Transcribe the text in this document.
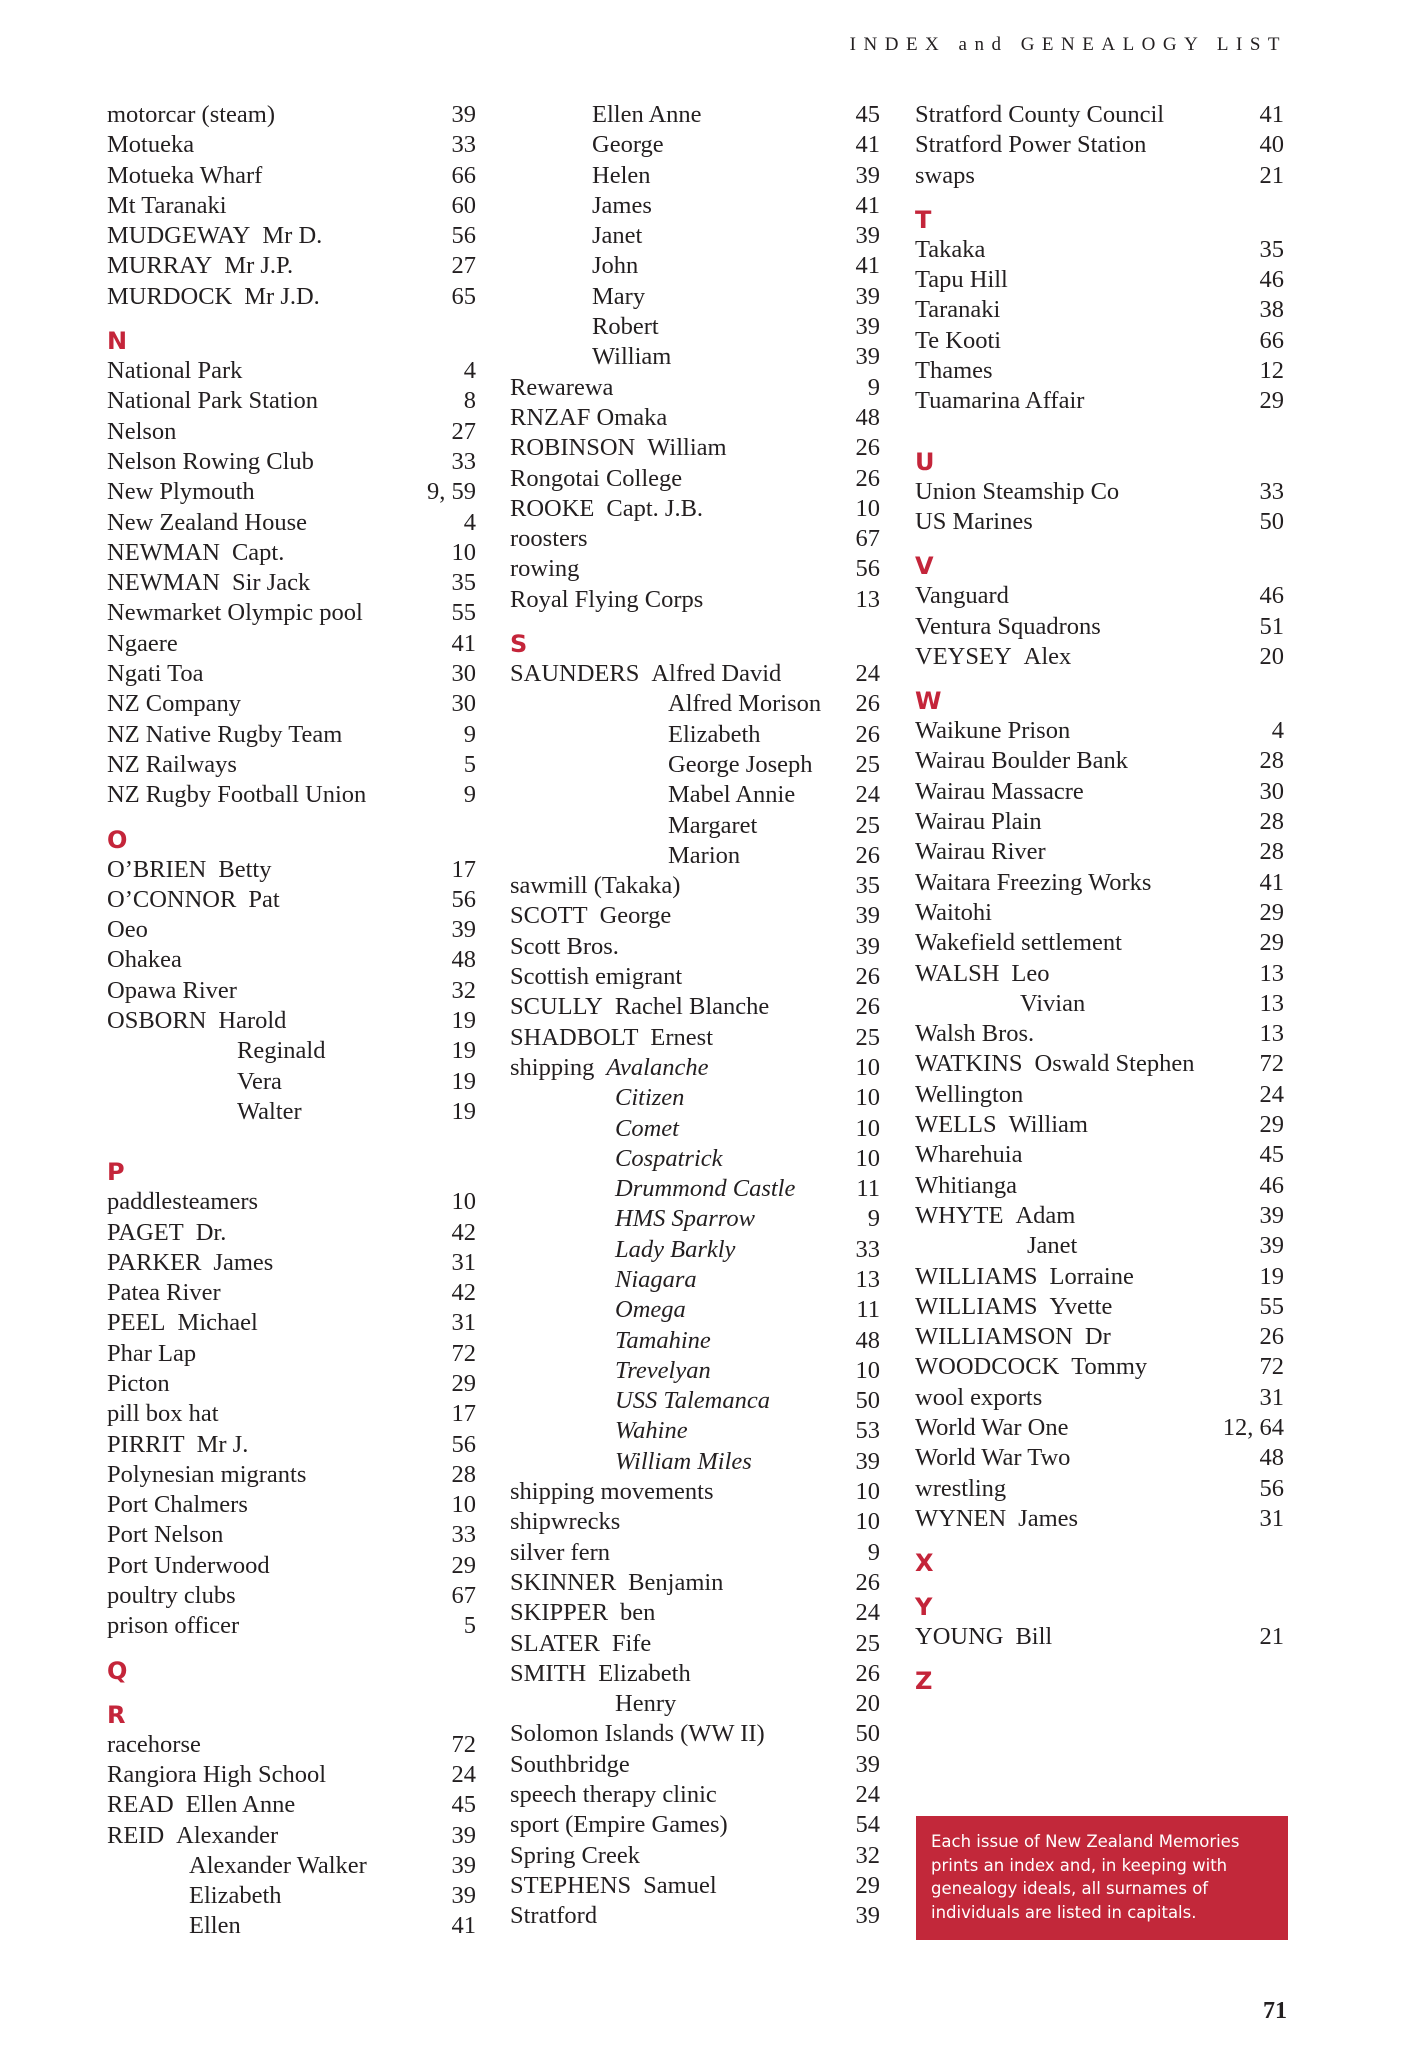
INDEX and GENEALOGY LIST
motorcar (steam)	39
Motueka	33
Motueka Wharf	66
Mt Taranaki	60
MUDGEWAY Mr D.	56
MURRAY Mr J.P.	27
MURDOCK Mr J.D.	65
N
National Park	4
National Park Station	8
Nelson	27
Nelson Rowing Club	33
New Plymouth	9, 59
New Zealand House	4
NEWMAN Capt.	10
NEWMAN Sir Jack	35
Newmarket Olympic pool	55
Ngaere	41
Ngati Toa	30
NZ Company	30
NZ Native Rugby Team	9
NZ Railways	5
NZ Rugby Football Union	9
O
O’BRIEN Betty	17
O’CONNOR Pat	56
Oeo	39
Ohakea	48
Opawa River	32
OSBORN Harold	19
Reginald	19
Vera	19
Walter	19
P
paddlesteamers	10
PAGET Dr.	42
PARKER James	31
Patea River	42
PEEL Michael	31
Phar Lap	72
Picton	29
pill box hat	17
PIRRIT Mr J.	56
Polynesian migrants	28
Port Chalmers	10
Port Nelson	33
Port Underwood	29
poultry clubs	67
prison officer	5
Q
R
racehorse	72
Rangiora High School	24
READ Ellen Anne	45
REID Alexander	39
Alexander Walker	39
Elizabeth	39
Ellen	41
Ellen Anne	45
George	41
Helen	39
James	41
Janet	39
John	41
Mary	39
Robert	39
William	39
Rewarewa	9
RNZAF Omaka	48
ROBINSON William	26
Rongotai College	26
ROOKE Capt. J.B.	10
roosters	67
rowing	56
Royal Flying Corps	13
S
SAUNDERS Alfred David	24
Alfred Morison 26
Elizabeth	26
George Joseph 25
Mabel Annie 24
Margaret	25
Marion	26
sawmill (Takaka)	35
SCOTT George	39
Scott Bros.	39
Scottish emigrant	26
SCULLY Rachel Blanche	26
SHADBOLT Ernest	25
shipping Avalanche	10
Citizen	10
Comet	10
Cospatrick	10
Drummond Castle 11
HMS Sparrow	9
Lady Barkly	33
Niagara	13
Omega	11
Tamahine	48
Trevelyan	10
USS Talemanca	50
Wahine	53
William Miles	39
shipping movements	10
shipwrecks	10
silver fern	9
SKINNER Benjamin	26
SKIPPER ben	24
SLATER Fife	25
SMITH Elizabeth	26
Henry	20
Solomon Islands (WW II)	50
Southbridge	39
speech therapy clinic	24
sport (Empire Games)	54
Spring Creek	32
STEPHENS Samuel	29
Stratford	39
Stratford County Council	41
Stratford Power Station	40
swaps	21
T
Takaka	35
Tapu Hill	46
Taranaki	38
Te Kooti	66
Thames	12
Tuamarina Affair	29
U
Union Steamship Co	33
US Marines	50
V
Vanguard	46
Ventura Squadrons	51
VEYSEY Alex	20
W
Waikune Prison	4
Wairau Boulder Bank	28
Wairau Massacre	30
Wairau Plain	28
Wairau River	28
Waitara Freezing Works	41
Waitohi	29
Wakefield settlement	29
WALSH Leo	13
Vivian	13
Walsh Bros.	13
WATKINS Oswald Stephen	72
Wellington	24
WELLS William	29
Wharehuia	45
Whitianga	46
WHYTE Adam	39
Janet	39
WILLIAMS Lorraine	19
WILLIAMS Yvette	55
WILLIAMSON Dr	26
WOODCOCK Tommy	72
wool exports	31
World War One	12, 64
World War Two	48
wrestling	56
WYNEN James	31
X
Y
YOUNG Bill	21
Z
Each issue of New Zealand Memories prints an index and, in keeping with genealogy ideals, all surnames of individuals are listed in capitals.
71
